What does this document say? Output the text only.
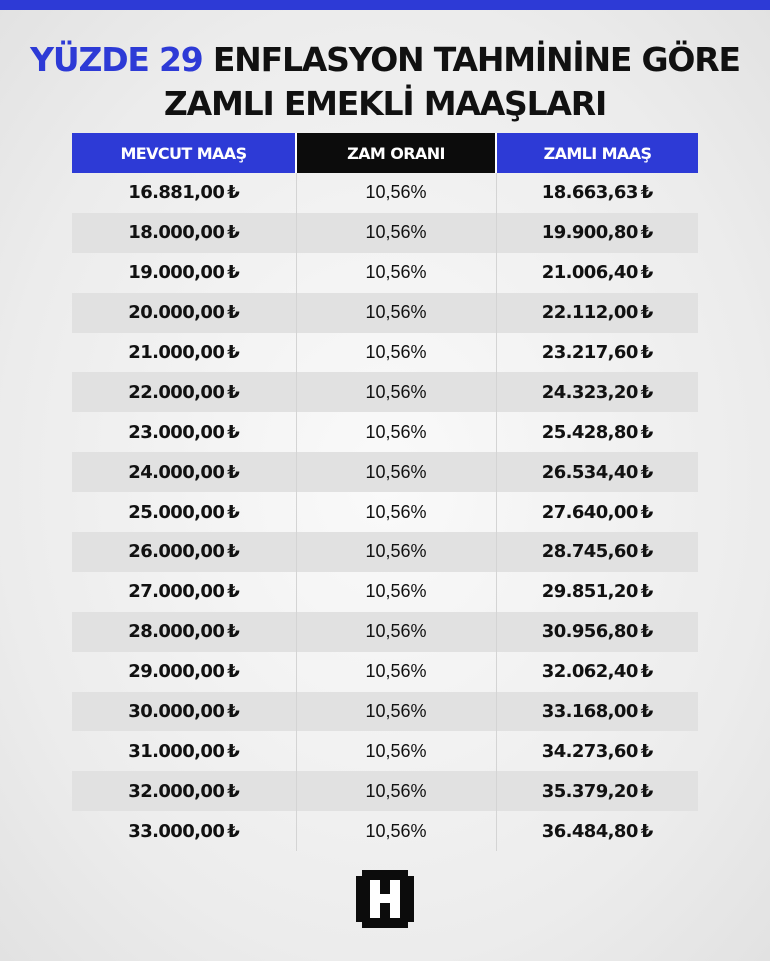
YÜZDE 29 ENFLASYON TAHMİNİNE GÖRE
ZAMLI EMEKLİ MAAŞLARI
MEVCUT MAAŞ	ZAM ORANI	ZAMLI MAAŞ
16.881,00 ₺	10,56%	18.663,63 ₺
18.000,00 ₺	10,56%	19.900,80 ₺
19.000,00 ₺	10,56%	21.006,40 ₺
20.000,00 ₺	10,56%	22.112,00 ₺
21.000,00 ₺	10,56%	23.217,60 ₺
22.000,00 ₺	10,56%	24.323,20 ₺
23.000,00 ₺	10,56%	25.428,80 ₺
24.000,00 ₺	10,56%	26.534,40 ₺
25.000,00 ₺	10,56%	27.640,00 ₺
26.000,00 ₺	10,56%	28.745,60 ₺
27.000,00 ₺	10,56%	29.851,20 ₺
28.000,00 ₺	10,56%	30.956,80 ₺
29.000,00 ₺	10,56%	32.062,40 ₺
30.000,00 ₺	10,56%	33.168,00 ₺
31.000,00 ₺	10,56%	34.273,60 ₺
32.000,00 ₺	10,56%	35.379,20 ₺
33.000,00 ₺	10,56%	36.484,80 ₺
